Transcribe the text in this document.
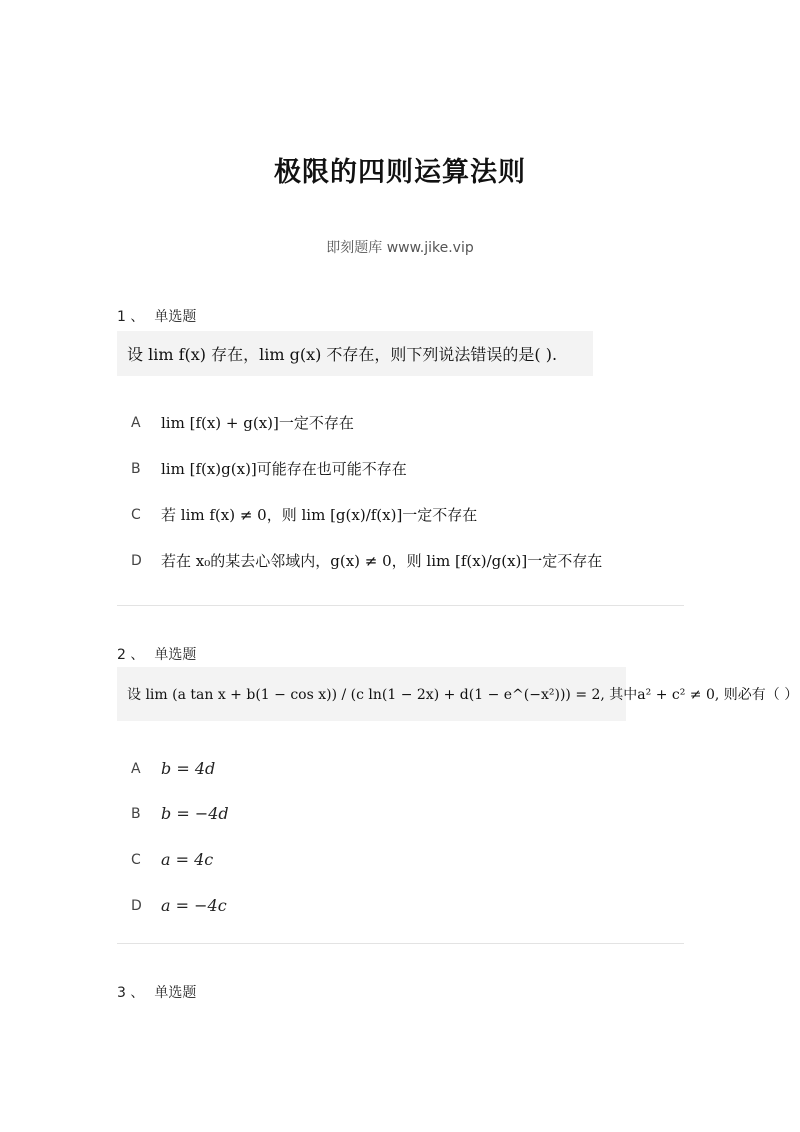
极限的四则运算法则
即刻题库 www.jike.vip
1 、 单选题
设 lim f(x) 存在，lim g(x) 不存在，则下列说法错误的是( ).
A	lim [f(x) + g(x)]一定不存在
B	lim [f(x)g(x)]可能存在也可能不存在
C	若 lim f(x) ≠ 0，则 lim [g(x)/f(x)]一定不存在
D	若在 x₀的某去心邻域内，g(x) ≠ 0，则 lim [f(x)/g(x)]一定不存在
2 、 单选题
设 lim (a tan x + b(1 − cos x)) / (c ln(1 − 2x) + d(1 − e^(−x²))) = 2, 其中a² + c² ≠ 0, 则必有（ ）
A	b = 4d
B	b = −4d
C	a = 4c
D	a = −4c
3 、 单选题
